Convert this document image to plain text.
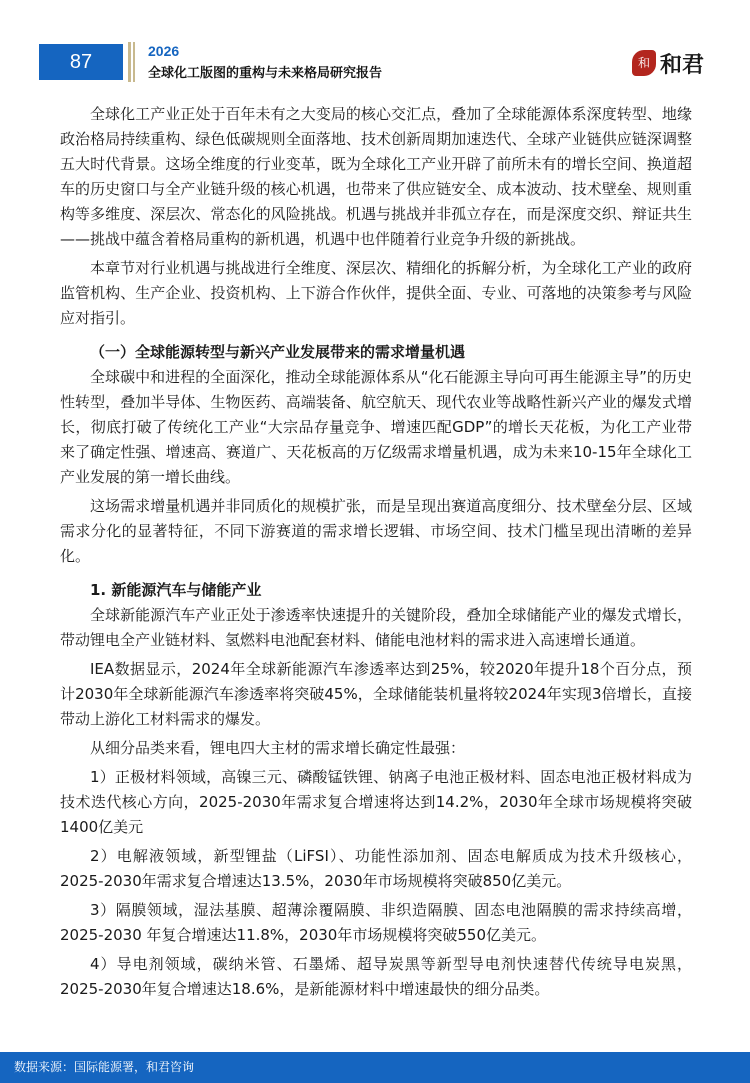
87	2026
全球化工版图的重构与未来格局研究报告
和 和君

全球化工产业正处于百年未有之大变局的核心交汇点，叠加了全球能源体系深度转型、地缘政治格局持续重构、绿色低碳规则全面落地、技术创新周期加速迭代、全球产业链供应链深调整五大时代背景。这场全维度的行业变革，既为全球化工产业开辟了前所未有的增长空间、换道超车的历史窗口与全产业链升级的核心机遇，也带来了供应链安全、成本波动、技术壁垒、规则重构等多维度、深层次、常态化的风险挑战。机遇与挑战并非孤立存在，而是深度交织、辩证共生——挑战中蕴含着格局重构的新机遇，机遇中也伴随着行业竞争升级的新挑战。

本章节对行业机遇与挑战进行全维度、深层次、精细化的拆解分析，为全球化工产业的政府监管机构、生产企业、投资机构、上下游合作伙伴，提供全面、专业、可落地的决策参考与风险应对指引。

（一）全球能源转型与新兴产业发展带来的需求增量机遇

全球碳中和进程的全面深化，推动全球能源体系从“化石能源主导向可再生能源主导”的历史性转型，叠加半导体、生物医药、高端装备、航空航天、现代农业等战略性新兴产业的爆发式增长，彻底打破了传统化工产业“大宗品存量竞争、增速匹配GDP”的增长天花板，为化工产业带来了确定性强、增速高、赛道广、天花板高的万亿级需求增量机遇，成为未来10-15年全球化工产业发展的第一增长曲线。

这场需求增量机遇并非同质化的规模扩张，而是呈现出赛道高度细分、技术壁垒分层、区域需求分化的显著特征，不同下游赛道的需求增长逻辑、市场空间、技术门槛呈现出清晰的差异化。

1. 新能源汽车与储能产业

全球新能源汽车产业正处于渗透率快速提升的关键阶段，叠加全球储能产业的爆发式增长，带动锂电全产业链材料、氢燃料电池配套材料、储能电池材料的需求进入高速增长通道。

IEA数据显示，2024年全球新能源汽车渗透率达到25%，较2020年提升18个百分点，预计2030年全球新能源汽车渗透率将突破45%，全球储能装机量将较2024年实现3倍增长，直接带动上游化工材料需求的爆发。

从细分品类来看，锂电四大主材的需求增长确定性最强：

1）正极材料领域，高镍三元、磷酸锰铁锂、钠离子电池正极材料、固态电池正极材料成为技术迭代核心方向，2025-2030年需求复合增速将达到14.2%，2030年全球市场规模将突破1400亿美元

2）电解液领域，新型锂盐（LiFSI）、功能性添加剂、固态电解质成为技术升级核心，2025-2030年需求复合增速达13.5%，2030年市场规模将突破850亿美元。

3）隔膜领域，湿法基膜、超薄涂覆隔膜、非织造隔膜、固态电池隔膜的需求持续高增，2025-2030 年复合增速达11.8%，2030年市场规模将突破550亿美元。

4）导电剂领域，碳纳米管、石墨烯、超导炭黑等新型导电剂快速替代传统导电炭黑，2025-2030年复合增速达18.6%，是新能源材料中增速最快的细分品类。

数据来源：国际能源署，和君咨询
